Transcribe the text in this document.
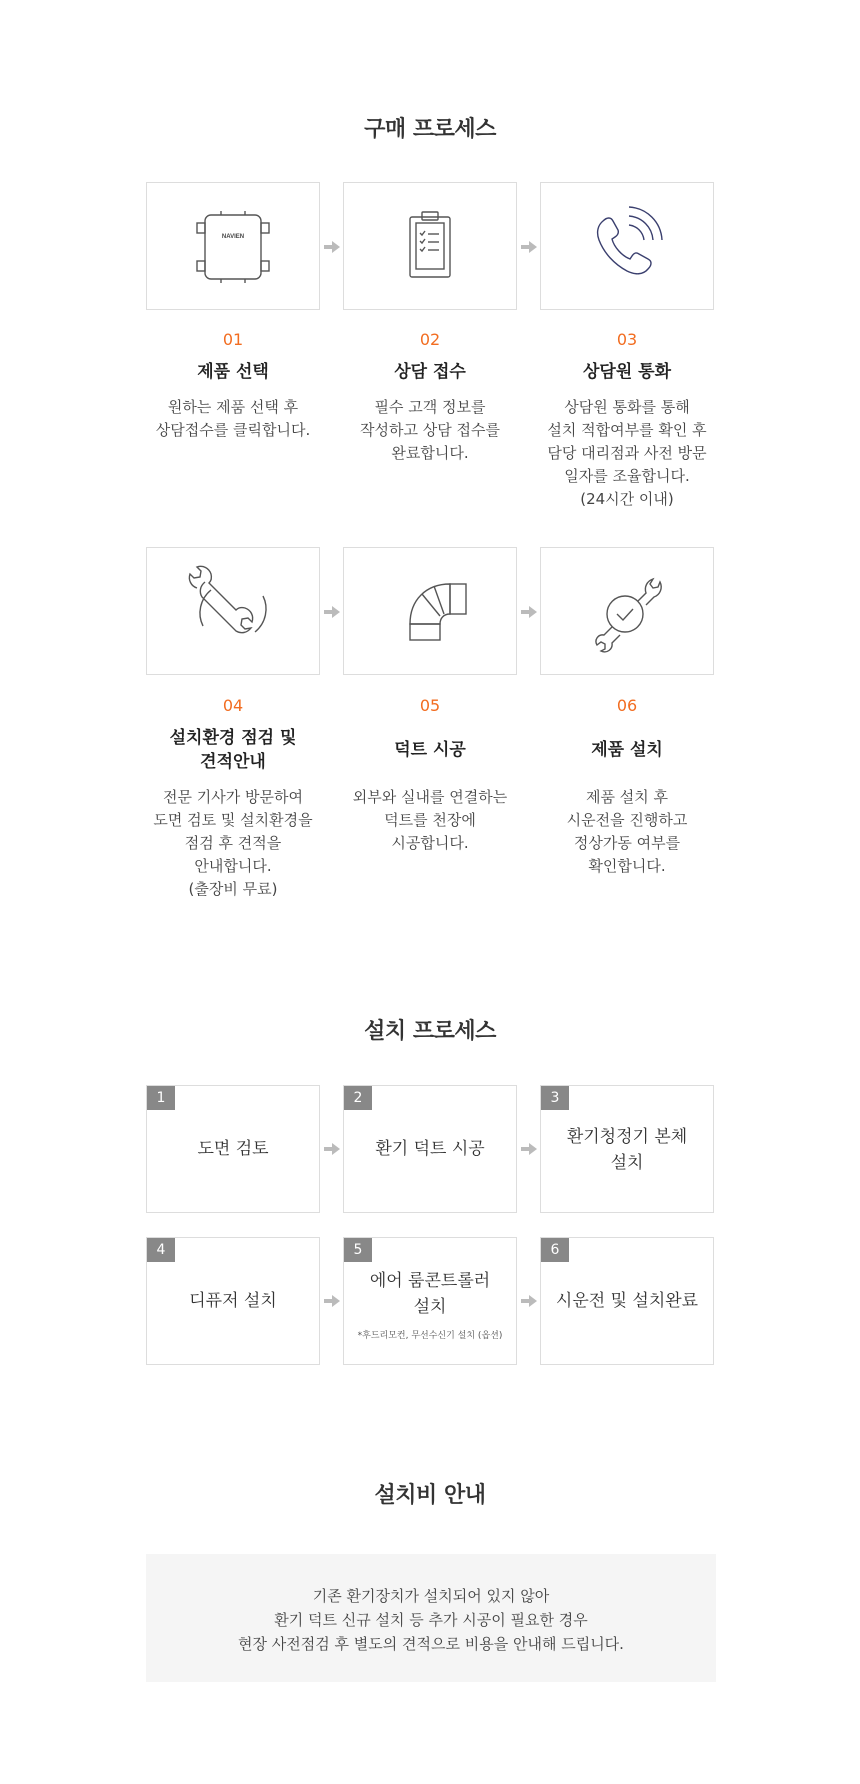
구매 프로세스
NAVIEN
01	02	03
제품 선택	상담 접수	상담원 통화
원하는 제품 선택 후
상담접수를 클릭합니다.
필수 고객 정보를
작성하고 상담 접수를
완료합니다.
상담원 통화를 통해
설치 적합여부를 확인 후
담당 대리점과 사전 방문
일자를 조율합니다.
(24시간 이내)
04	05	06
설치환경 점검 및
견적안내
덕트 시공	제품 설치
전문 기사가 방문하여
도면 검토 및 설치환경을
점검 후 견적을
안내합니다.
(출장비 무료)
외부와 실내를 연결하는
덕트를 천장에
시공합니다.
제품 설치 후
시운전을 진행하고
정상가동 여부를
확인합니다.
설치 프로세스
1
도면 검토
2
환기 덕트 시공
3
환기청정기 본체
설치
4
디퓨저 설치
5
에어 룸콘트롤러
설치
*후드리모컨, 무선수신기 설치 (옵션)
6
시운전 및 설치완료
설치비 안내
기존 환기장치가 설치되어 있지 않아
환기 덕트 신규 설치 등 추가 시공이 필요한 경우
현장 사전점검 후 별도의 견적으로 비용을 안내해 드립니다.
